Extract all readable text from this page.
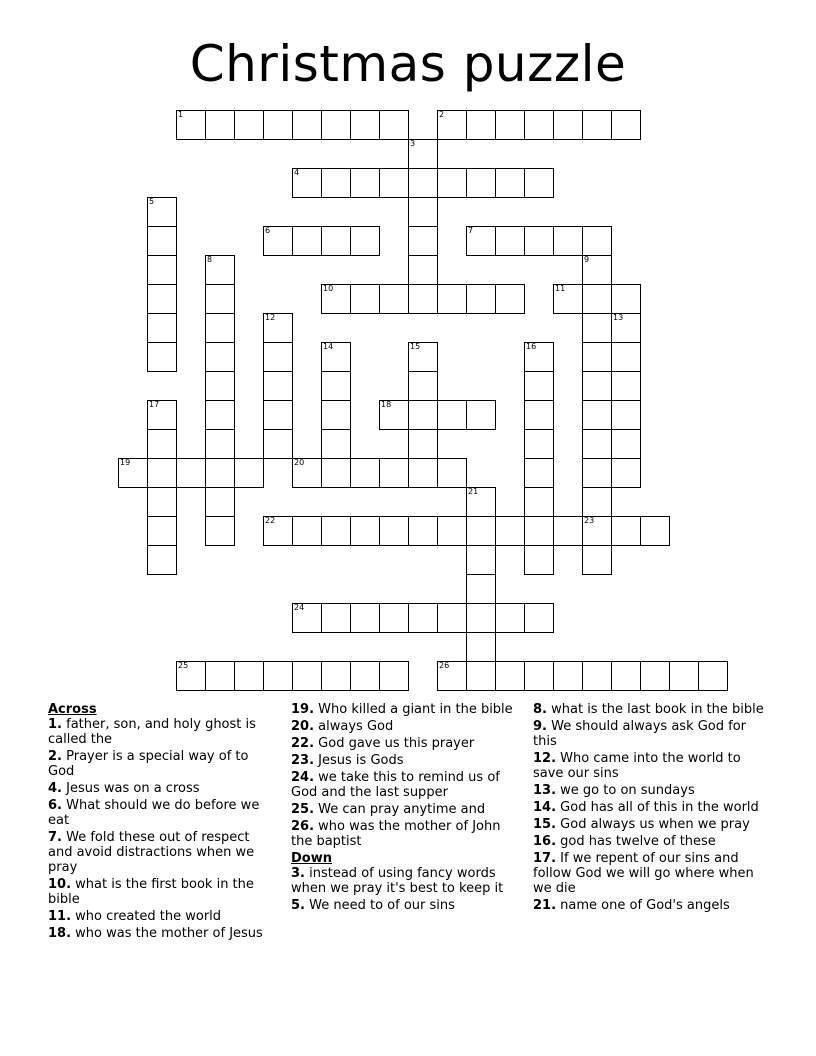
Christmas puzzle
1	2
3
4
5
6	7
8	9
23
10	11
12	13
14	15	16
17	18
19	20
21
22
24
25	26
Across
1. father, son, and holy ghost is called the
2. Prayer is a special way of to God
4. Jesus was on a cross
6. What should we do before we eat
7. We fold these out of respect and avoid distractions when we pray
10. what is the first book in the bible
11. who created the world
18. who was the mother of Jesus
19. Who killed a giant in the bible
20. always God
22. God gave us this prayer
23. Jesus is Gods
24. we take this to remind us of God and the last supper
25. We can pray anytime and
26. who was the mother of John the baptist
Down
3. instead of using fancy words when we pray it's best to keep it
5. We need to of our sins
8. what is the last book in the bible
9. We should always ask God for this
12. Who came into the world to save our sins
13. we go to on sundays
14. God has all of this in the world
15. God always us when we pray
16. god has twelve of these
17. If we repent of our sins and follow God we will go where when we die
21. name one of God's angels
